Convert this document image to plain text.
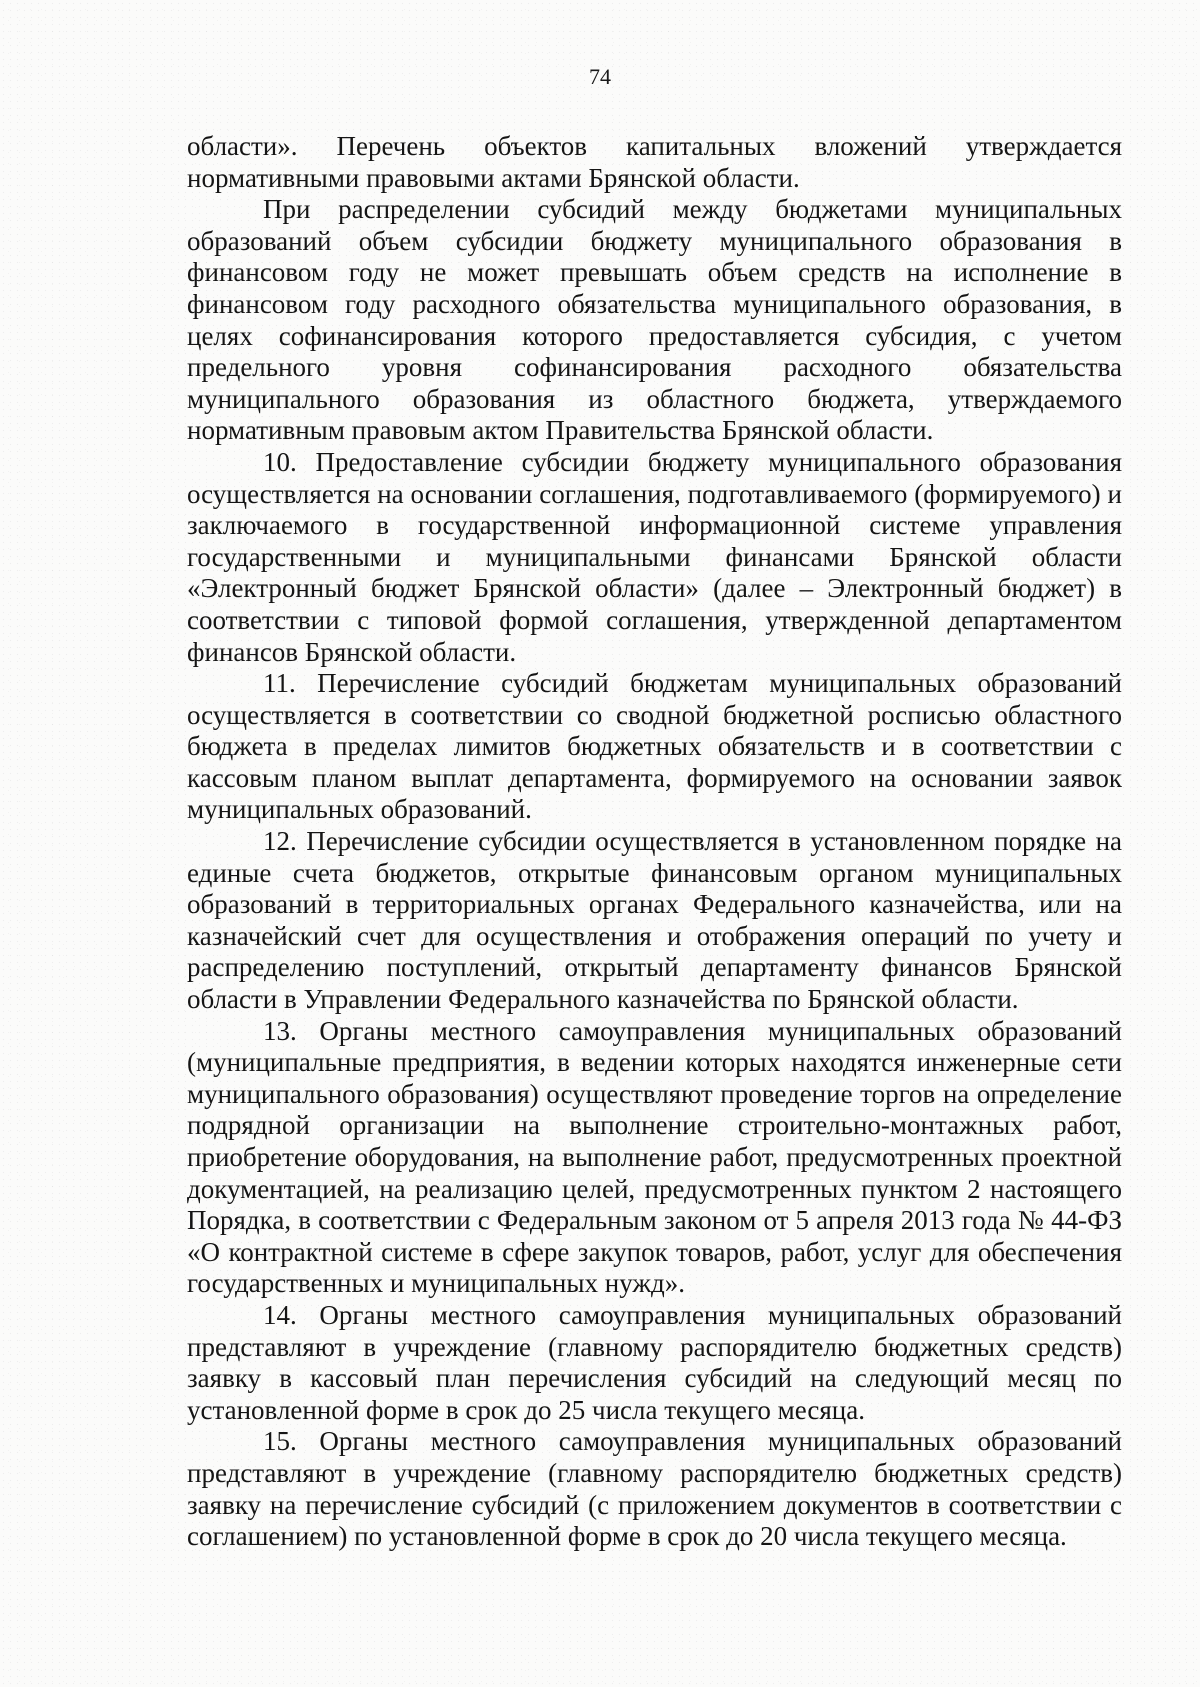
74

области». Перечень объектов капитальных вложений утверждается нормативными правовыми актами Брянской области.

При распределении субсидий между бюджетами муниципальных образований объем субсидии бюджету муниципального образования в финансовом году не может превышать объем средств на исполнение в финансовом году расходного обязательства муниципального образования, в целях софинансирования которого предоставляется субсидия, с учетом предельного уровня софинансирования расходного обязательства муниципального образования из областного бюджета, утверждаемого нормативным правовым актом Правительства Брянской области.

10. Предоставление субсидии бюджету муниципального образования осуществляется на основании соглашения, подготавливаемого (формируемого) и заключаемого в государственной информационной системе управления государственными и муниципальными финансами Брянской области «Электронный бюджет Брянской области» (далее – Электронный бюджет) в соответствии с типовой формой соглашения, утвержденной департаментом финансов Брянской области.

11. Перечисление субсидий бюджетам муниципальных образований осуществляется в соответствии со сводной бюджетной росписью областного бюджета в пределах лимитов бюджетных обязательств и в соответствии с кассовым планом выплат департамента, формируемого на основании заявок муниципальных образований.

12. Перечисление субсидии осуществляется в установленном порядке на единые счета бюджетов, открытые финансовым органом муниципальных образований в территориальных органах Федерального казначейства, или на казначейский счет для осуществления и отображения операций по учету и распределению поступлений, открытый департаменту финансов Брянской области в Управлении Федерального казначейства по Брянской области.

13. Органы местного самоуправления муниципальных образований (муниципальные предприятия, в ведении которых находятся инженерные сети муниципального образования) осуществляют проведение торгов на определение подрядной организации на выполнение строительно-монтажных работ, приобретение оборудования, на выполнение работ, предусмотренных проектной документацией, на реализацию целей, предусмотренных пунктом 2 настоящего Порядка, в соответствии с Федеральным законом от 5 апреля 2013 года № 44-ФЗ «О контрактной системе в сфере закупок товаров, работ, услуг для обеспечения государственных и муниципальных нужд».

14. Органы местного самоуправления муниципальных образований представляют в учреждение (главному распорядителю бюджетных средств) заявку в кассовый план перечисления субсидий на следующий месяц по установленной форме в срок до 25 числа текущего месяца.

15. Органы местного самоуправления муниципальных образований представляют в учреждение (главному распорядителю бюджетных средств) заявку на перечисление субсидий (с приложением документов в соответствии с соглашением) по установленной форме в срок до 20 числа текущего месяца.
